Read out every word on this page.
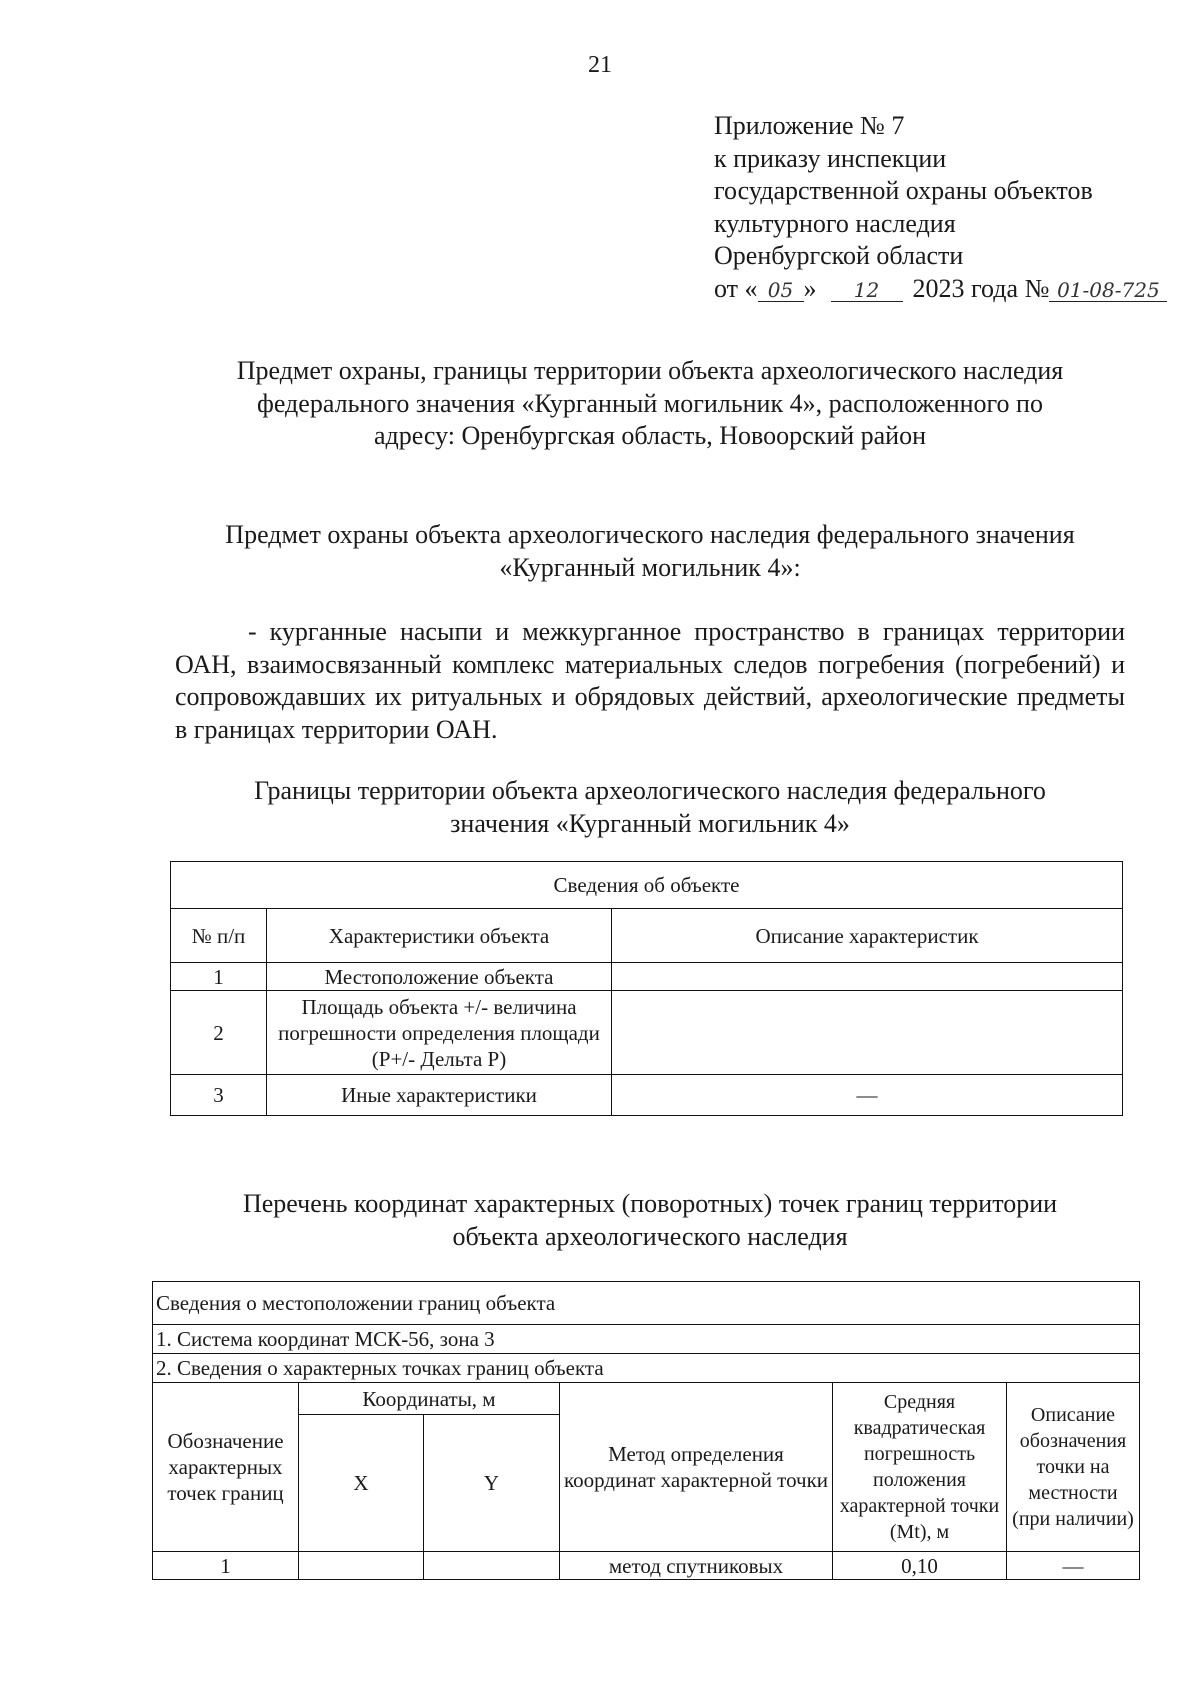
21
Приложение № 7
к приказу инспекции
государственной охраны объектов
культурного наследия
Оренбургской области
от « 05 » 12 2023 года № 01-08-725
Предмет охраны, границы территории объекта археологического наследия
федерального значения «Курганный могильник 4», расположенного по
адресу: Оренбургская область, Новоорский район
Предмет охраны объекта археологического наследия федерального значения
«Курганный могильник 4»:
- курганные насыпи и межкурганное пространство в границах территории ОАН, взаимосвязанный комплекс материальных следов погребения (погребений) и сопровождавших их ритуальных и обрядовых действий, археологические предметы в границах территории ОАН.
Границы территории объекта археологического наследия федерального
значения «Курганный могильник 4»
Сведения об объекте		
№ п/п	Характеристики объекта	Описание характеристик
1	Местоположение объекта	
2	Площадь объекта +/- величина погрешности определения площади (Р+/- Дельта Р)	
3	Иные характеристики	—
Перечень координат характерных (поворотных) точек границ территории
объекта археологического наследия
Сведения о местоположении границ объекта					
1. Система координат МСК-56, зона 3					
2. Сведения о характерных точках границ объекта					
Обозначение характерных точек границ	Координаты, м		Метод определения координат характерной точки	Средняя квадратическая погрешность положения характерной точки (Mt), м	Описание обозначения точки на местности (при наличии)
	X	Y			
1			метод спутниковых	0,10	—
